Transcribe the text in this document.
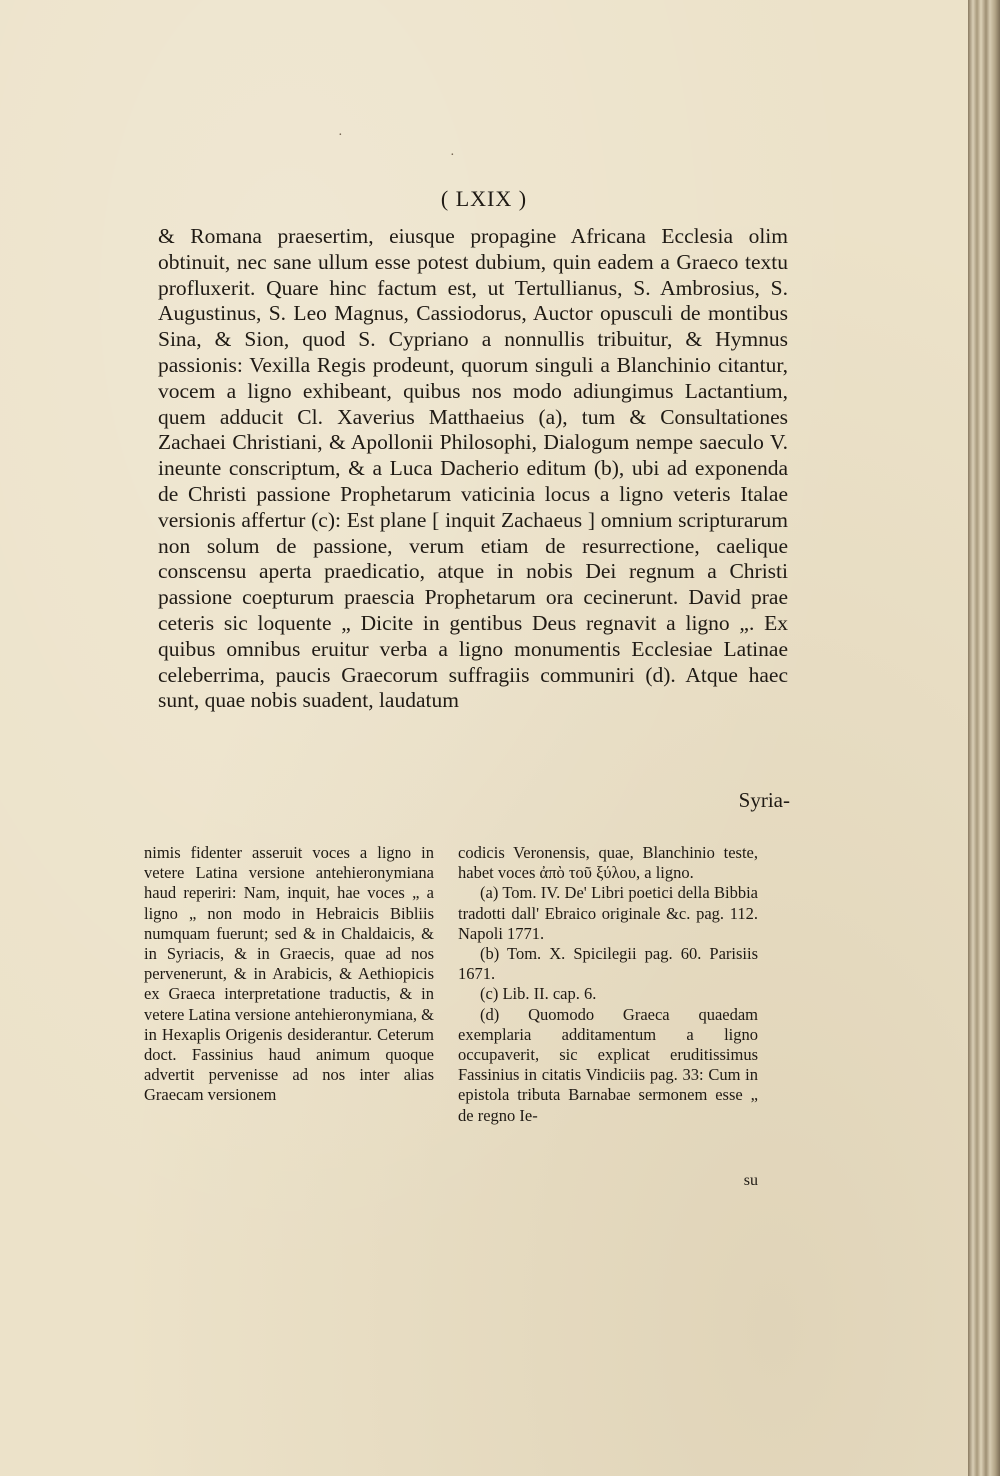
·
·
( LXIX )

& Romana praesertim, eiusque propagine Africana Ecclesia olim obtinuit, nec sane ullum esse potest dubium, quin eadem a Graeco textu profluxerit. Quare hinc factum est, ut Tertullianus, S. Ambrosius, S. Augustinus, S. Leo Magnus, Cassiodorus, Auctor opusculi de montibus Sina, & Sion, quod S. Cypriano a nonnullis tribuitur, & Hymnus passionis: Vexilla Regis prodeunt, quorum singuli a Blanchinio citantur, vocem a ligno exhibeant, quibus nos modo adiungimus Lactantium, quem adducit Cl. Xaverius Matthaeius (a), tum & Consultationes Zachaei Christiani, & Apollonii Philosophi, Dialogum nempe saeculo V. ineunte conscriptum, & a Luca Dacherio editum (b), ubi ad exponenda de Christi passione Prophetarum vaticinia locus a ligno veteris Italae versionis affertur (c): Est plane [ inquit Zachaeus ] omnium scripturarum non solum de passione, verum etiam de resurrectione, caelique conscensu aperta praedicatio, atque in nobis Dei regnum a Christi passione coepturum praescia Prophetarum ora cecinerunt. David prae ceteris sic loquente „ Dicite in gentibus Deus regnavit a ligno „. Ex quibus omnibus eruitur verba a ligno monumentis Ecclesiae Latinae celeberrima, paucis Graecorum suffragiis communiri (d). Atque haec sunt, quae nobis suadent, laudatum

Syria-

nimis fidenter asseruit voces a ligno in vetere Latina versione antehieronymiana haud reperiri: Nam, inquit, hae voces „ a ligno „ non modo in Hebraicis Bibliis numquam fuerunt; sed & in Chaldaicis, & in Syriacis, & in Graecis, quae ad nos pervenerunt, & in Arabicis, & Aethiopicis ex Graeca interpretatione traductis, & in vetere Latina versione antehieronymiana, & in Hexaplis Origenis desiderantur. Ceterum doct. Fassinius haud animum quoque advertit pervenisse ad nos inter alias Graecam versionem

codicis Veronensis, quae, Blanchinio teste, habet voces ἀπὸ τοῦ ξύλου, a ligno.

(a) Tom. IV. De' Libri poetici della Bibbia tradotti dall' Ebraico originale &c. pag. 112. Napoli 1771.

(b) Tom. X. Spicilegii pag. 60. Parisiis 1671.

(c) Lib. II. cap. 6.

(d) Quomodo Graeca quaedam exemplaria additamentum a ligno occupaverit, sic explicat eruditissimus Fassinius in citatis Vindiciis pag. 33: Cum in epistola tributa Barnabae sermonem esse „ de regno Ie-

su
